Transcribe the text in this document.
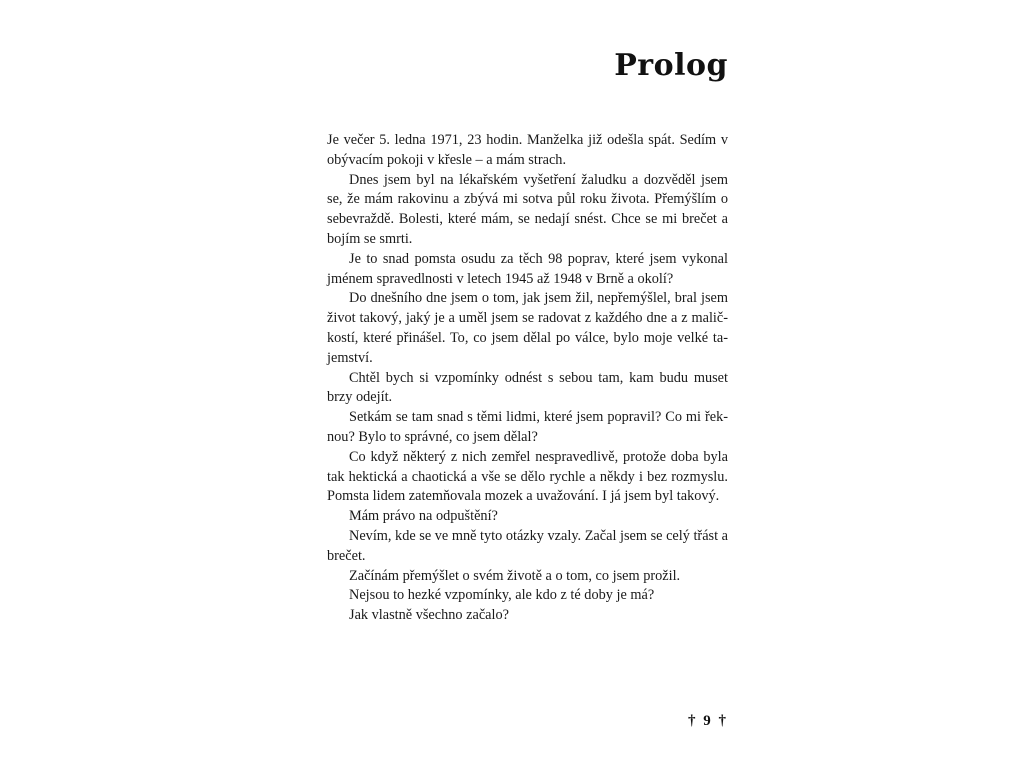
Prolog

Je večer 5. ledna 1971, 23 hodin. Manželka již odešla spát. Sedím v obývacím pokoji v křesle – a mám strach.

Dnes jsem byl na lékařském vyšetření žaludku a dozvěděl jsem se, že mám rakovinu a zbývá mi sotva půl roku života. Přemýšlím o sebevraždě. Bolesti, které mám, se nedají snést. Chce se mi brečet a bojím se smrti.

Je to snad pomsta osudu za těch 98 poprav, které jsem vykonal jménem spravedlnosti v letech 1945 až 1948 v Brně a okolí?

Do dnešního dne jsem o tom, jak jsem žil, nepřemýšlel, bral jsem život takový, jaký je a uměl jsem se radovat z každého dne a z maličkostí, které přinášel. To, co jsem dělal po válce, bylo moje velké tajemství.

Chtěl bych si vzpomínky odnést s sebou tam, kam budu muset brzy odejít.

Setkám se tam snad s těmi lidmi, které jsem popravil? Co mi řeknou? Bylo to správné, co jsem dělal?

Co když některý z nich zemřel nespravedlivě, protože doba byla tak hektická a chaotická a vše se dělo rychle a někdy i bez rozmyslu. Pomsta lidem zatemňovala mozek a uvažování. I já jsem byl takový.

Mám právo na odpuštění?

Nevím, kde se ve mně tyto otázky vzaly. Začal jsem se celý třást a brečet.

Začínám přemýšlet o svém životě a o tom, co jsem prožil.

Nejsou to hezké vzpomínky, ale kdo z té doby je má?

Jak vlastně všechno začalo?

† 9 †
